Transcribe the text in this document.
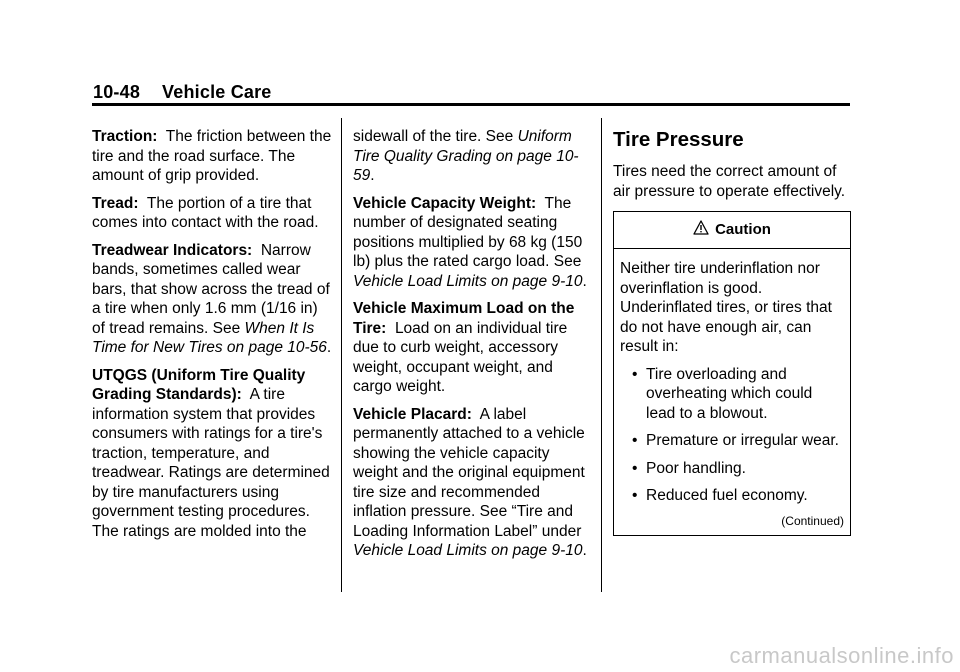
10-48 Vehicle Care

Traction: The friction between the tire and the road surface. The amount of grip provided.

Tread: The portion of a tire that comes into contact with the road.

Treadwear Indicators: Narrow bands, sometimes called wear bars, that show across the tread of a tire when only 1.6 mm (1/16 in) of tread remains. See When It Is Time for New Tires on page 10-56.

UTQGS (Uniform Tire Quality Grading Standards): A tire information system that provides consumers with ratings for a tire's traction, temperature, and treadwear. Ratings are determined by tire manufacturers using government testing procedures. The ratings are molded into the

sidewall of the tire. See Uniform Tire Quality Grading on page 10-59.

Vehicle Capacity Weight: The number of designated seating positions multiplied by 68 kg (150 lb) plus the rated cargo load. See Vehicle Load Limits on page 9-10.

Vehicle Maximum Load on the Tire: Load on an individual tire due to curb weight, accessory weight, occupant weight, and cargo weight.

Vehicle Placard: A label permanently attached to a vehicle showing the vehicle capacity weight and the original equipment tire size and recommended inflation pressure. See “Tire and Loading Information Label” under Vehicle Load Limits on page 9-10.

Tire Pressure

Tires need the correct amount of air pressure to operate effectively.

Caution

Neither tire underinflation nor overinflation is good. Underinflated tires, or tires that do not have enough air, can result in:

• Tire overloading and overheating which could lead to a blowout.
• Premature or irregular wear.
• Poor handling.
• Reduced fuel economy.
(Continued)
carmanualsonline.info
